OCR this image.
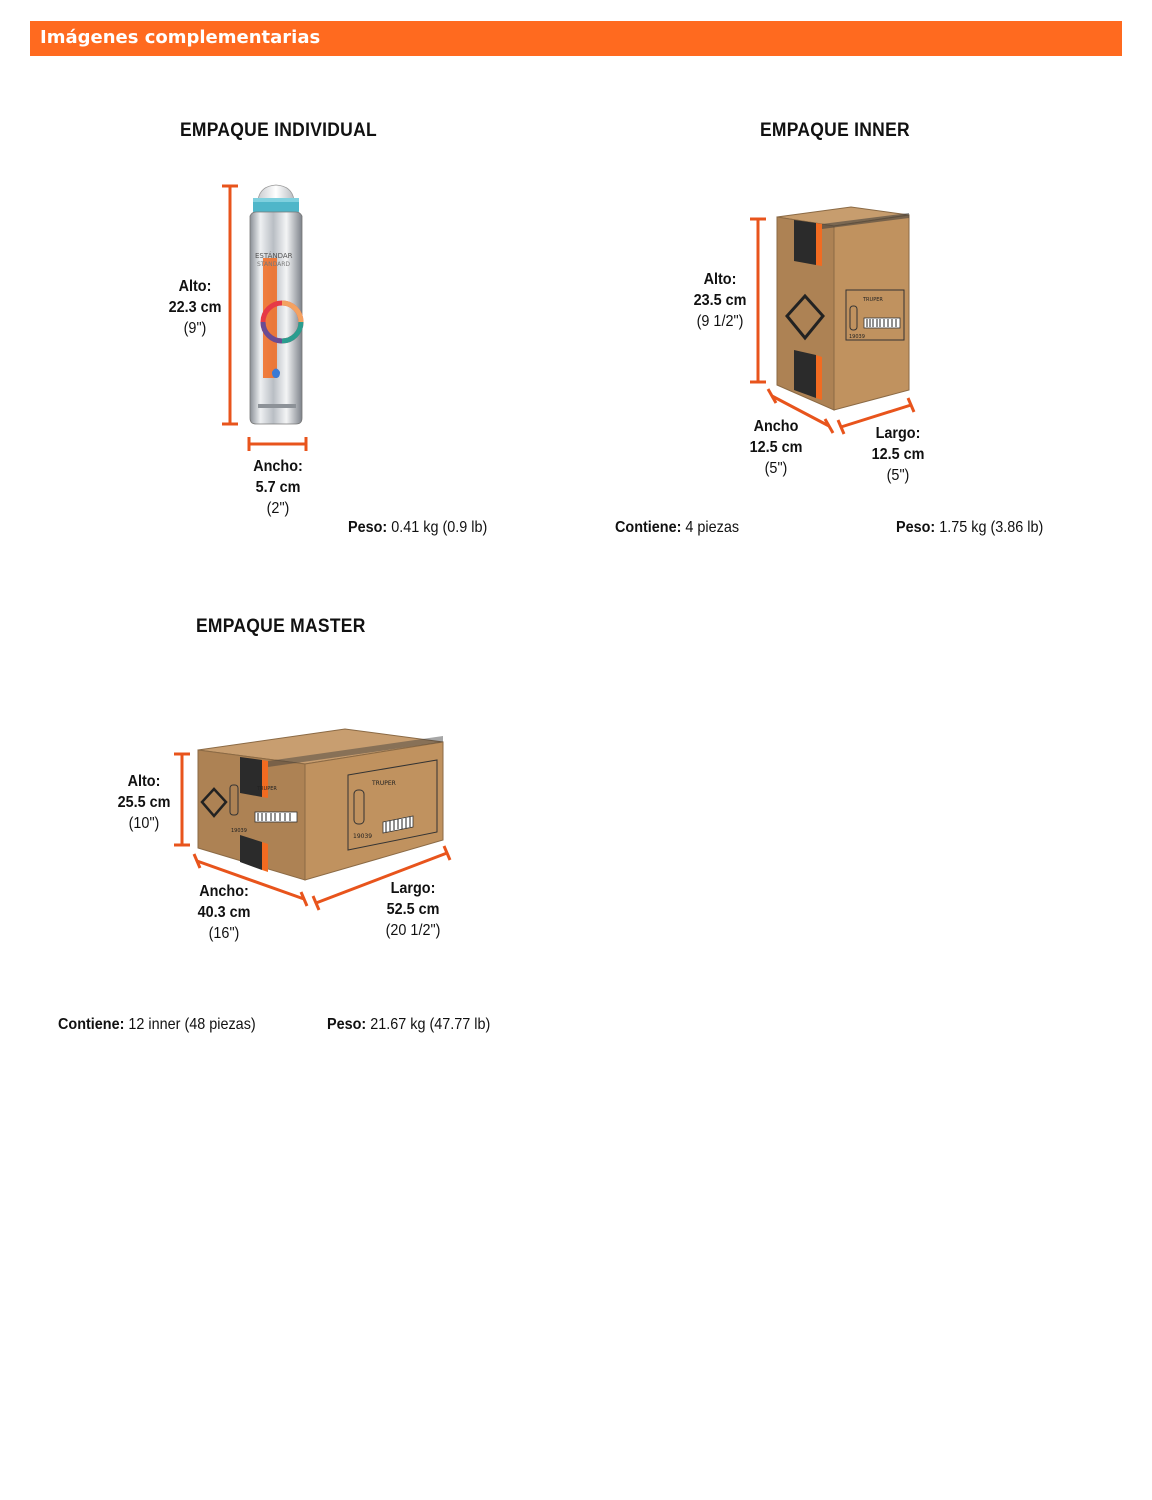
Imágenes complementarias
EMPAQUE INDIVIDUAL	EMPAQUE INNER
EMPAQUE MASTER
ESTÁNDAR
STANDARD
TRUPER
19039
TRUPER
19039
TRUPER
19039
Alto:
22.3 cm
(9")
Ancho:
5.7 cm
(2")
Peso: 0.41 kg (0.9 lb)
Alto:
23.5 cm
(9 1/2")
Ancho
12.5 cm
(5")
Largo:
12.5 cm
(5")
Contiene: 4 piezas	Peso: 1.75 kg (3.86 lb)
Alto:
25.5 cm
(10")
Ancho:
40.3 cm
(16")
Largo:
52.5 cm
(20 1/2")
Contiene: 12 inner (48 piezas)	Peso: 21.67 kg (47.77 lb)
